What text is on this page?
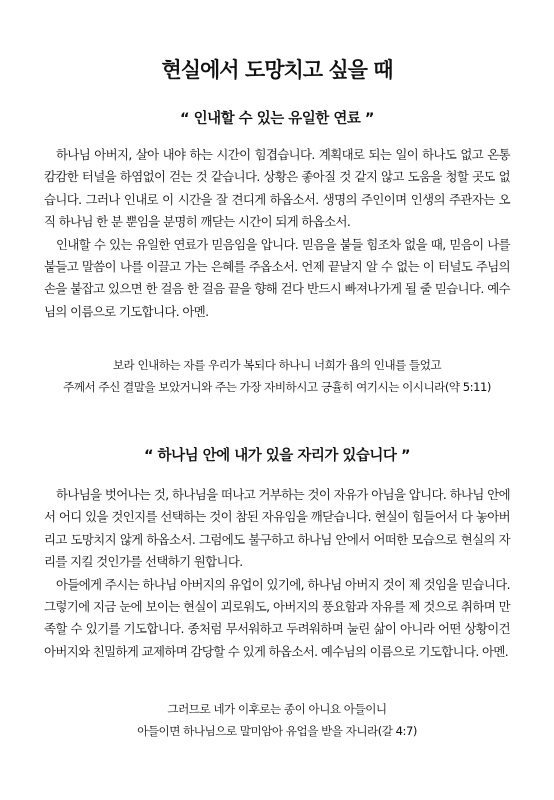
현실에서 도망치고 싶을 때
“ 인내할 수 있는 유일한 연료 ”

하나님 아버지, 살아 내야 하는 시간이 힘겹습니다. 계획대로 되는 일이 하나도 없고 온통 캄캄한 터널을 하염없이 걷는 것 같습니다. 상황은 좋아질 것 같지 않고 도움을 청할 곳도 없습니다. 그러나 인내로 이 시간을 잘 견디게 하옵소서. 생명의 주인이며 인생의 주관자는 오직 하나님 한 분 뿐임을 분명히 깨닫는 시간이 되게 하옵소서.

인내할 수 있는 유일한 연료가 믿음임을 압니다. 믿음을 붙들 힘조차 없을 때, 믿음이 나를 붙들고 말씀이 나를 이끌고 가는 은혜를 주옵소서. 언제 끝날지 알 수 없는 이 터널도 주님의 손을 붙잡고 있으면 한 걸음 한 걸음 끝을 향해 걷다 반드시 빠져나가게 될 줄 믿습니다. 예수님의 이름으로 기도합니다. 아멘.

보라 인내하는 자를 우리가 복되다 하나니 너희가 욥의 인내를 들었고
주께서 주신 결말을 보았거니와 주는 가장 자비하시고 긍휼히 여기시는 이시니라(약 5:11)
“ 하나님 안에 내가 있을 자리가 있습니다 ”

하나님을 벗어나는 것, 하나님을 떠나고 거부하는 것이 자유가 아님을 압니다. 하나님 안에서 어디 있을 것인지를 선택하는 것이 참된 자유임을 깨닫습니다. 현실이 힘들어서 다 놓아버리고 도망치지 않게 하옵소서. 그럼에도 불구하고 하나님 안에서 어떠한 모습으로 현실의 자리를 지킬 것인가를 선택하기 원합니다.

아들에게 주시는 하나님 아버지의 유업이 있기에, 하나님 아버지 것이 제 것임을 믿습니다. 그렇기에 지금 눈에 보이는 현실이 괴로워도, 아버지의 풍요함과 자유를 제 것으로 취하며 만족할 수 있기를 기도합니다. 종처럼 무서워하고 두려워하며 눌린 삶이 아니라 어떤 상황이건 아버지와 친밀하게 교제하며 감당할 수 있게 하옵소서. 예수님의 이름으로 기도합니다. 아멘.

그러므로 네가 이후로는 종이 아니요 아들이니
아들이면 하나님으로 말미암아 유업을 받을 자니라(갈 4:7)
